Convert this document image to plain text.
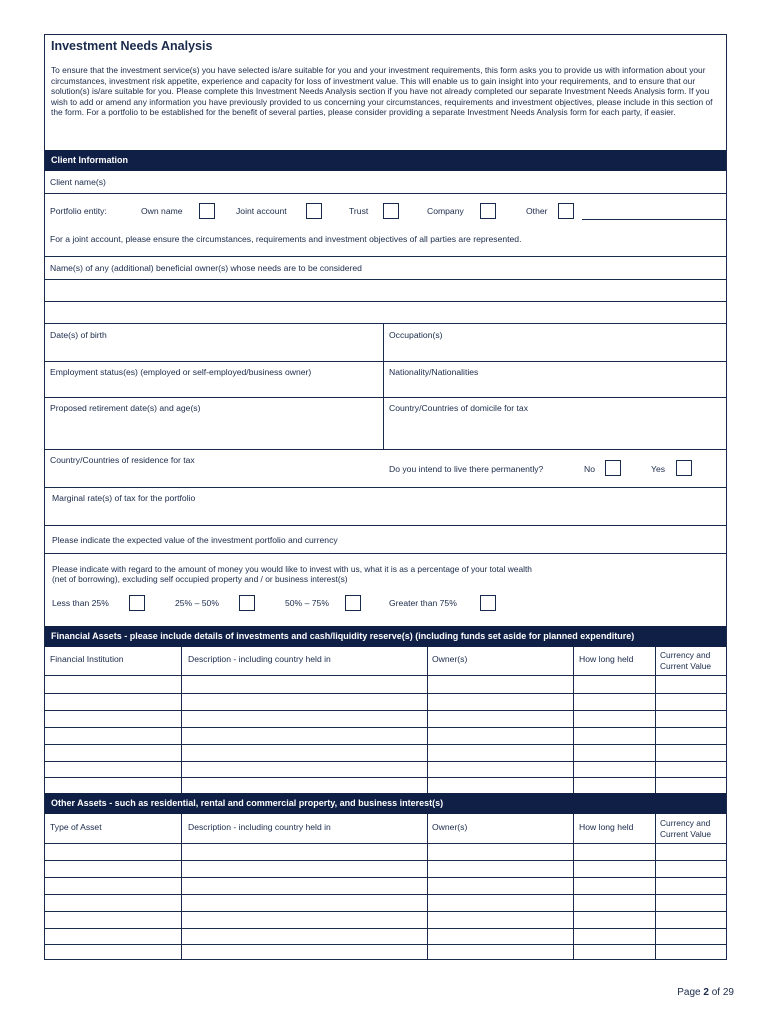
Investment Needs Analysis
To ensure that the investment service(s) you have selected is/are suitable for you and your investment requirements, this form asks you to provide us with information about your circumstances, investment risk appetite, experience and capacity for loss of investment value. This will enable us to gain insight into your requirements, and to ensure that our solution(s) is/are suitable for you. Please complete this Investment Needs Analysis section if you have not already completed our separate Investment Needs Analysis form. If you wish to add or amend any information you have previously provided to us concerning your circumstances, requirements and investment objectives, please include in this section of the form. For a portfolio to be established for the benefit of several parties, please consider providing a separate Investment Needs Analysis form for each party, if easier.
Client Information
Client name(s)
Portfolio entity:	Own name	Joint account	Trust	Company	Other
For a joint account, please ensure the circumstances, requirements and investment objectives of all parties are represented.
Name(s) of any (additional) beneficial owner(s) whose needs are to be considered
Date(s) of birth	Occupation(s)
Employment status(es) (employed or self-employed/business owner)	Nationality/Nationalities
Proposed retirement date(s) and age(s)	Country/Countries of domicile for tax
Country/Countries of residence for tax
Do you intend to live there permanently?	No	Yes
Marginal rate(s) of tax for the portfolio
Please indicate the expected value of the investment portfolio and currency
Please indicate with regard to the amount of money you would like to invest with us, what it is as a percentage of your total wealth
(net of borrowing), excluding self occupied property and / or business interest(s)
Less than 25%	25% – 50%	50% – 75%	Greater than 75%
Financial Assets - please include details of investments and cash/liquidity reserve(s) (including funds set aside for planned expenditure)
Financial Institution	Description - including country held in	Owner(s)	How long held	Currency and
Current Value
Other Assets - such as residential, rental and commercial property, and business interest(s)
Type of Asset	Description - including country held in	Owner(s)	How long held	Currency and
Current Value
Page 2 of 29
